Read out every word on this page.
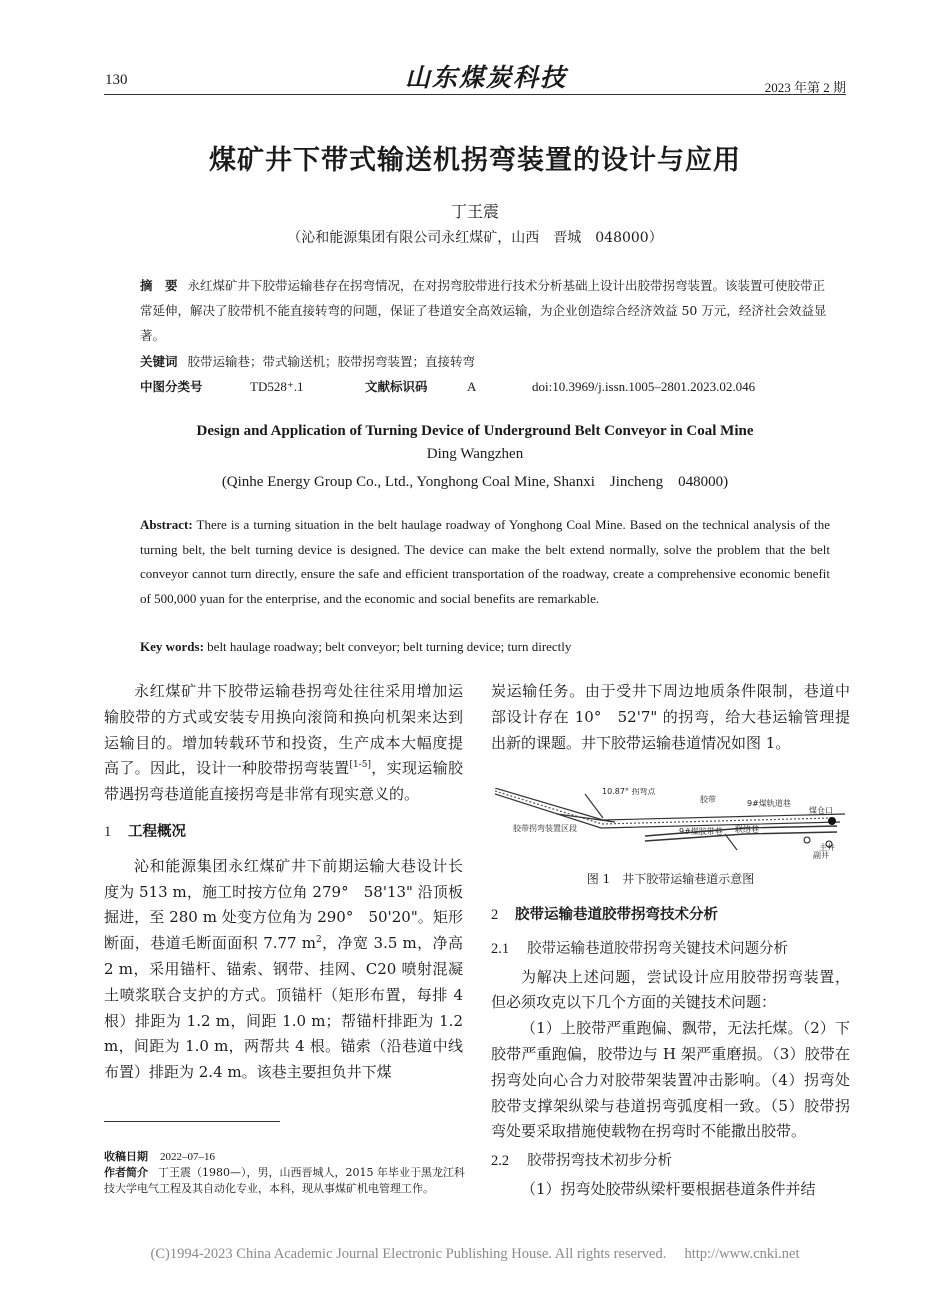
130	山东煤炭科技	2023 年第 2 期
煤矿井下带式输送机拐弯装置的设计与应用
丁王震
（沁和能源集团有限公司永红煤矿，山西　晋城　048000）
摘　要 永红煤矿井下胶带运输巷存在拐弯情况，在对拐弯胶带进行技术分析基础上设计出胶带拐弯装置。该装置可使胶带正常延伸，解决了胶带机不能直接转弯的问题，保证了巷道安全高效运输，为企业创造综合经济效益 50 万元，经济社会效益显著。
关键词 胶带运输巷；带式输送机；胶带拐弯装置；直接转弯
中图分类号	TD528⁺.1	文献标识码	A	doi:10.3969/j.issn.1005–2801.2023.02.046
Design and Application of Turning Device of Underground Belt Conveyor in Coal Mine
Ding Wangzhen
(Qinhe Energy Group Co., Ltd., Yonghong Coal Mine, Shanxi　Jincheng　048000)
Abstract: There is a turning situation in the belt haulage roadway of Yonghong Coal Mine. Based on the technical analysis of the turning belt, the belt turning device is designed. The device can make the belt extend normally, solve the problem that the belt conveyor cannot turn directly, ensure the safe and efficient transportation of the roadway, create a comprehensive economic benefit of 500,000 yuan for the enterprise, and the economic and social benefits are remarkable.
Key words: belt haulage roadway; belt conveyor; belt turning device; turn directly

永红煤矿井下胶带运输巷拐弯处往往采用增加运输胶带的方式或安装专用换向滚筒和换向机架来达到运输目的。增加转载环节和投资，生产成本大幅度提高了。因此，设计一种胶带拐弯装置[1-5]，实现运输胶带遇拐弯巷道能直接拐弯是非常有现实意义的。

1 工程概况

沁和能源集团永红煤矿井下前期运输大巷设计长度为 513 m，施工时按方位角 279°　58'13" 沿顶板掘进，至 280 m 处变方位角为 290°　50'20"。矩形断面，巷道毛断面面积 7.77 $m^2$，净宽 3.5 m，净高 2 m，采用锚杆、锚索、钢带、挂网、C20 喷射混凝土喷浆联合支护的方式。顶锚杆（矩形布置，每排 4 根）排距为 1.2 m，间距 1.0 m；帮锚杆排距为 1.2 m，间距为 1.0 m，两帮共 4 根。锚索（沿巷道中线布置）排距为 2.4 m。该巷主要担负井下煤

收稿日期 2022–07–16
作者简介 丁王震（1980—），男，山西晋城人，2015 年毕业于黑龙江科技大学电气工程及其自动化专业，本科，现从事煤矿机电管理工作。

炭运输任务。由于受井下周边地质条件限制，巷道中部设计存在 10°　52'7" 的拐弯，给大巷运输管理提出新的课题。井下胶带运输巷道情况如图 1。

10.87° 拐弯点
胶带	9#煤轨道巷
煤仓口
胶带拐弯装置区段	9#煤胶带巷 联络巷
副井
主井
图 1　井下胶带运输巷道示意图
2 胶带运输巷道胶带拐弯技术分析
2.1 胶带运输巷道胶带拐弯关键技术问题分析

为解决上述问题，尝试设计应用胶带拐弯装置，但必须攻克以下几个方面的关键技术问题：

（1）上胶带严重跑偏、飘带，无法托煤。（2）下胶带严重跑偏，胶带边与 H 架严重磨损。（3）胶带在拐弯处向心合力对胶带架装置冲击影响。（4）拐弯处胶带支撑架纵梁与巷道拐弯弧度相一致。（5）胶带拐弯处要采取措施使载物在拐弯时不能撒出胶带。

2.2 胶带拐弯技术初步分析

（1）拐弯处胶带纵梁杆要根据巷道条件并结

(C)1994-2023 China Academic Journal Electronic Publishing House. All rights reserved.　 http://www.cnki.net
